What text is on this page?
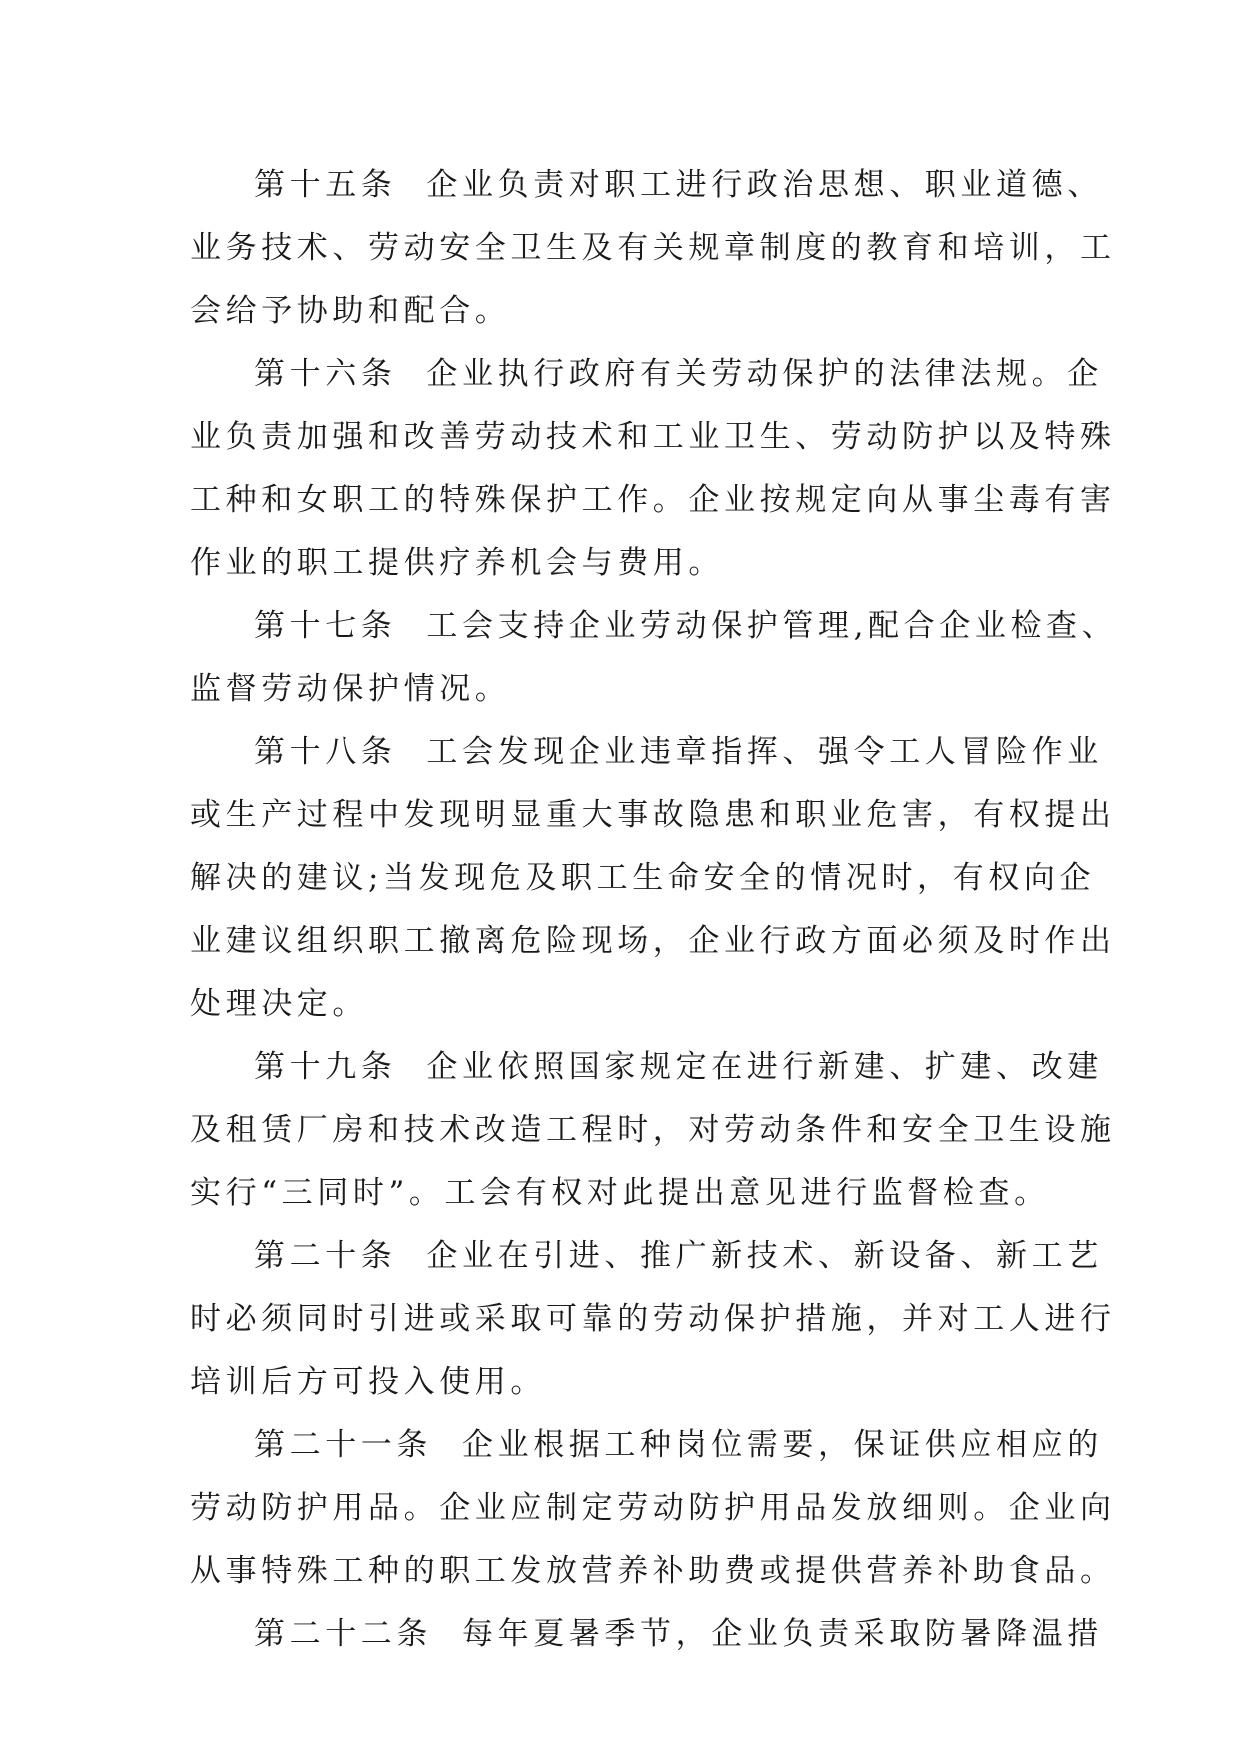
第十五条 企业负责对职工进行政治思想、职业道德、
业务技术、劳动安全卫生及有关规章制度的教育和培训，工
会给予协助和配合。
第十六条 企业执行政府有关劳动保护的法律法规。企
业负责加强和改善劳动技术和工业卫生、劳动防护以及特殊
工种和女职工的特殊保护工作。企业按规定向从事尘毒有害
作业的职工提供疗养机会与费用。
第十七条 工会支持企业劳动保护管理,配合企业检查、
监督劳动保护情况。
第十八条 工会发现企业违章指挥、强令工人冒险作业
或生产过程中发现明显重大事故隐患和职业危害，有权提出
解决的建议;当发现危及职工生命安全的情况时，有权向企
业建议组织职工撤离危险现场，企业行政方面必须及时作出
处理决定。
第十九条 企业依照国家规定在进行新建、扩建、改建
及租赁厂房和技术改造工程时，对劳动条件和安全卫生设施
实行“三同时”。工会有权对此提出意见进行监督检查。
第二十条 企业在引进、推广新技术、新设备、新工艺
时必须同时引进或采取可靠的劳动保护措施，并对工人进行
培训后方可投入使用。
第二十一条 企业根据工种岗位需要，保证供应相应的
劳动防护用品。企业应制定劳动防护用品发放细则。企业向
从事特殊工种的职工发放营养补助费或提供营养补助食品。
第二十二条 每年夏暑季节，企业负责采取防暑降温措
